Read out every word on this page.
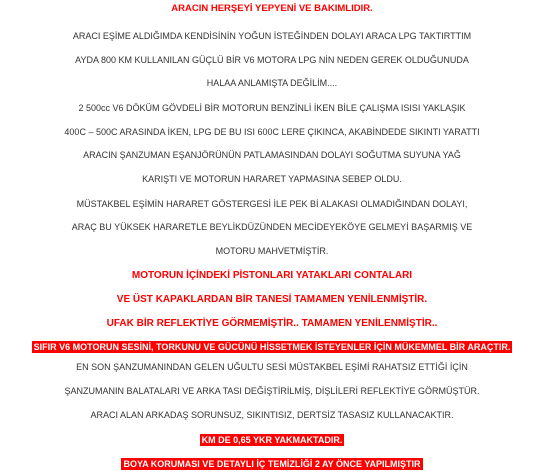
ARACIN HERŞEYİ YEPYENİ VE BAKIMLIDIR.
ARACI EŞİME ALDIĞIMDA KENDİSİNİN YOĞUN İSTEĞİNDEN DOLAYI ARACA LPG TAKTIRTTIM
AYDA 800 KM KULLANILAN GÜÇLÜ BİR V6 MOTORA LPG NİN NEDEN GEREK OLDUĞUNUDA
HALAA ANLAMIŞTA DEĞİLİM....
2 500cc V6 DÖKÜM GÖVDELİ BİR MOTORUN BENZİNLİ İKEN BİLE ÇALIŞMA ISISI YAKLAŞIK
400C – 500C ARASINDA İKEN, LPG DE BU ISI 600C LERE ÇIKINCA, AKABİNDEDE SIKINTI YARATTI
ARACIN ŞANZUMAN EŞANJÖRÜNÜN PATLAMASINDAN DOLAYI SOĞUTMA SUYUNA YAĞ
KARIŞTI VE MOTORUN HARARET YAPMASINA SEBEP OLDU.
MÜSTAKBEL EŞİMİN HARARET GÖSTERGESİ İLE PEK Bİ ALAKASI OLMADIĞINDAN DOLAYI,
ARAÇ BU YÜKSEK HARARETLE BEYLİKDÜZÜNDEN MECİDEYEKÖYE GELMEYİ BAŞARMIŞ VE
MOTORU MAHVETMİŞTİR.
MOTORUN İÇİNDEKİ PİSTONLARI YATAKLARI CONTALARI
VE ÜST KAPAKLARDAN BİR TANESİ TAMAMEN YENİLENMİŞTİR.
UFAK BİR REFLEKTİYE GÖRMEMİŞTİR.. TAMAMEN YENİLENMİŞTİR..
SIFIR V6 MOTORUN SESİNİ, TORKUNU VE GÜCÜNÜ HİSSETMEK İSTEYENLER İÇİN MÜKEMMEL BİR ARAÇTIR.
EN SON ŞANZUMANINDAN GELEN UĞULTU SESİ MÜSTAKBEL EŞİMİ RAHATSIZ ETTİĞİ İÇİN
ŞANZUMANIN BALATALARI VE ARKA TASI DEĞİŞTİRİLMİŞ, DİŞLİLERİ REFLEKTİYE GÖRMÜŞTÜR.
ARACI ALAN ARKADAŞ SORUNSUZ, SIKINTISIZ, DERTSİZ TASASIZ KULLANACAKTIR.
KM DE 0,65 YKR YAKMAKTADIR.
BOYA KORUMASI VE DETAYLI İÇ TEMİZLİĞİ 2 AY ÖNCE YAPILMIŞTIR
